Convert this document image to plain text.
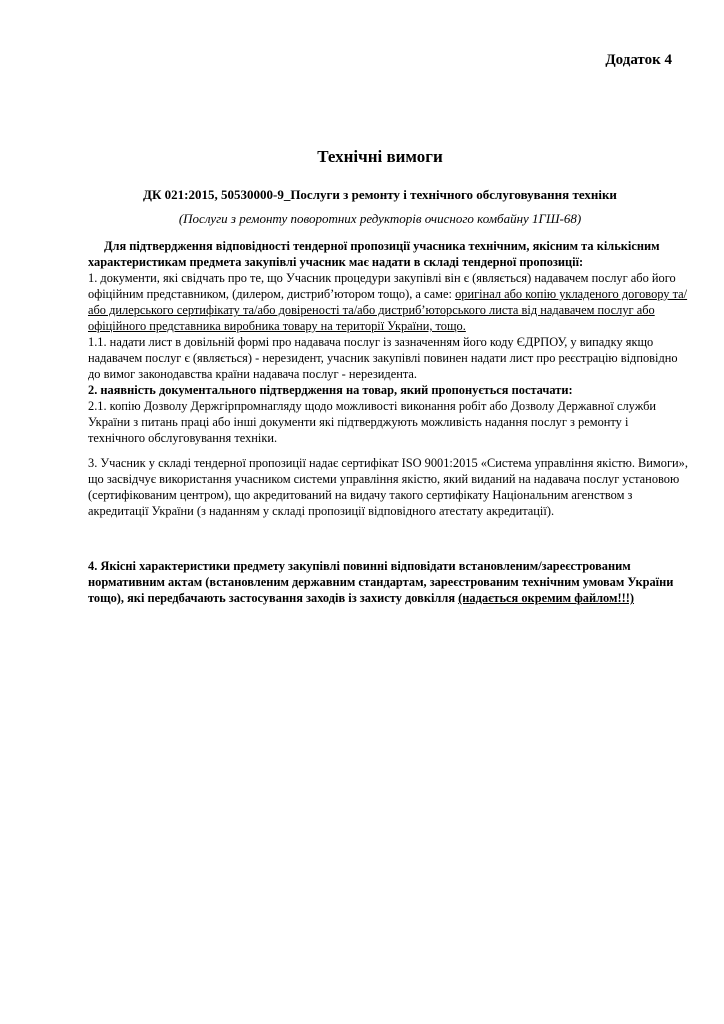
Додаток 4
Технічні вимоги
ДК 021:2015, 50530000-9_Послуги з ремонту і технічного обслуговування техніки
(Послуги з ремонту поворотних редукторів очисного комбайну 1ГШ-68)

Для підтвердження відповідності тендерної пропозиції учасника технічним, якісним та кількісним характеристикам предмета закупівлі учасник має надати в складі тендерної пропозиції:

1. документи, які свідчать про те, що Учасник процедури закупівлі він є (являється) надавачем послуг або його офіційним представником, (дилером, дистриб’ютором тощо), а саме: оригінал або копію укладеного договору та/або дилерського сертифікату та/або довіреності та/або дистриб’юторського листа від надавачем послуг або офіційного представника виробника товару на території України, тощо.

1.1. надати лист в довільній формі про надавача послуг із зазначенням його коду ЄДРПОУ, у випадку якщо надавачем послуг є (являється) - нерезидент, учасник закупівлі повинен надати лист про реєстрацію відповідно до вимог законодавства країни надавача послуг - нерезидента.

2. наявність документального підтвердження на товар, який пропонується постачати:

2.1. копію Дозволу Держгірпромнагляду щодо можливості виконання робіт або Дозволу Державної служби України з питань праці або інші документи які підтверджують можливість надання послуг з ремонту і технічного обслуговування техніки.

3. Учасник у складі тендерної пропозиції надає сертифікат ISO 9001:2015 «Система управління якістю. Вимоги», що засвідчує використання учасником системи управління якістю, який виданий на надавача послуг установою (сертифікованим центром), що акредитований на видачу такого сертифікату Національним агенством з акредитації України (з наданням у складі пропозиції відповідного атестату акредитації).

4. Якісні характеристики предмету закупівлі повинні відповідати встановленим/зареєстрованим нормативним актам (встановленим державним стандартам, зареєстрованим технічним умовам України тощо), які передбачають застосування заходів із захисту довкілля (надається окремим файлом!!!)
